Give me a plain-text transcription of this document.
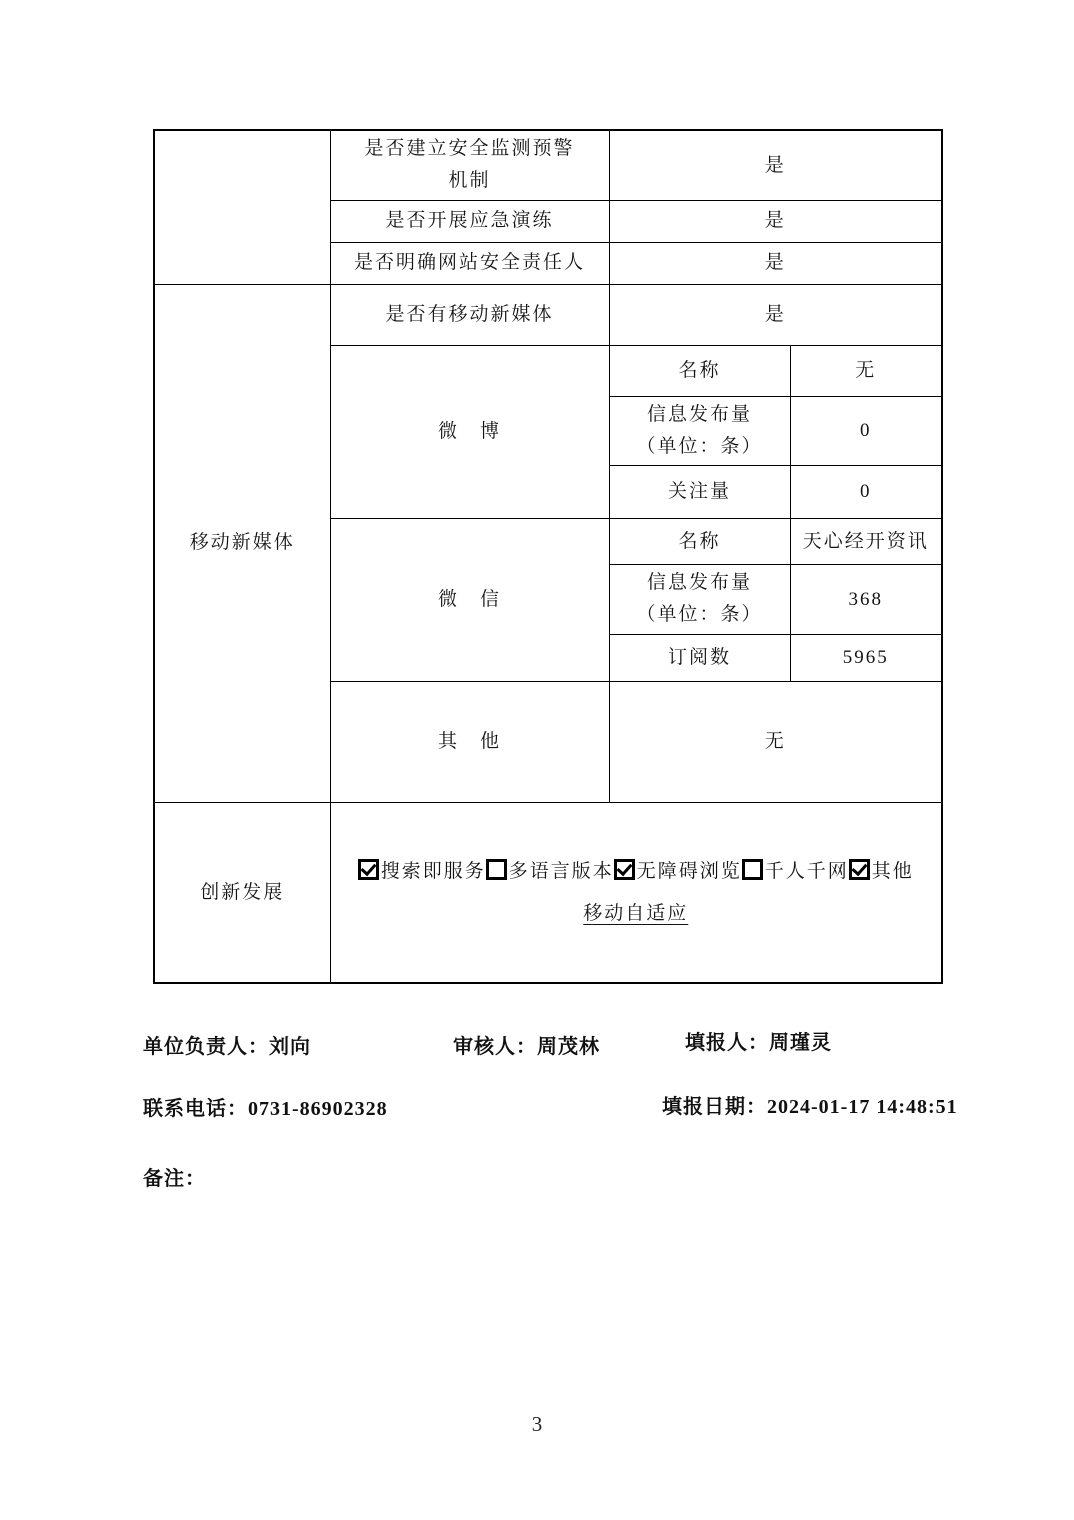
	是否建立安全监测预警
机制	是	
	是否开展应急演练	是	
	是否明确网站安全责任人	是	
移动新媒体	是否有移动新媒体	是	
	微　博	名称	无

		信息发布量
（单位：条）	0
		关注量	0
	微　信	名称	天心经开资讯

		信息发布量
（单位：条）	368
		订阅数	5965
	其　他	无	
创新发展	搜索即服务 多语言版本 无障碍浏览 千人千网 其他
移动自适应		
单位负责人：刘向	审核人：周茂林	填报人：周瑾灵
联系电话：0731-86902328	填报日期：2024-01-17 14:48:51
备注：
3
